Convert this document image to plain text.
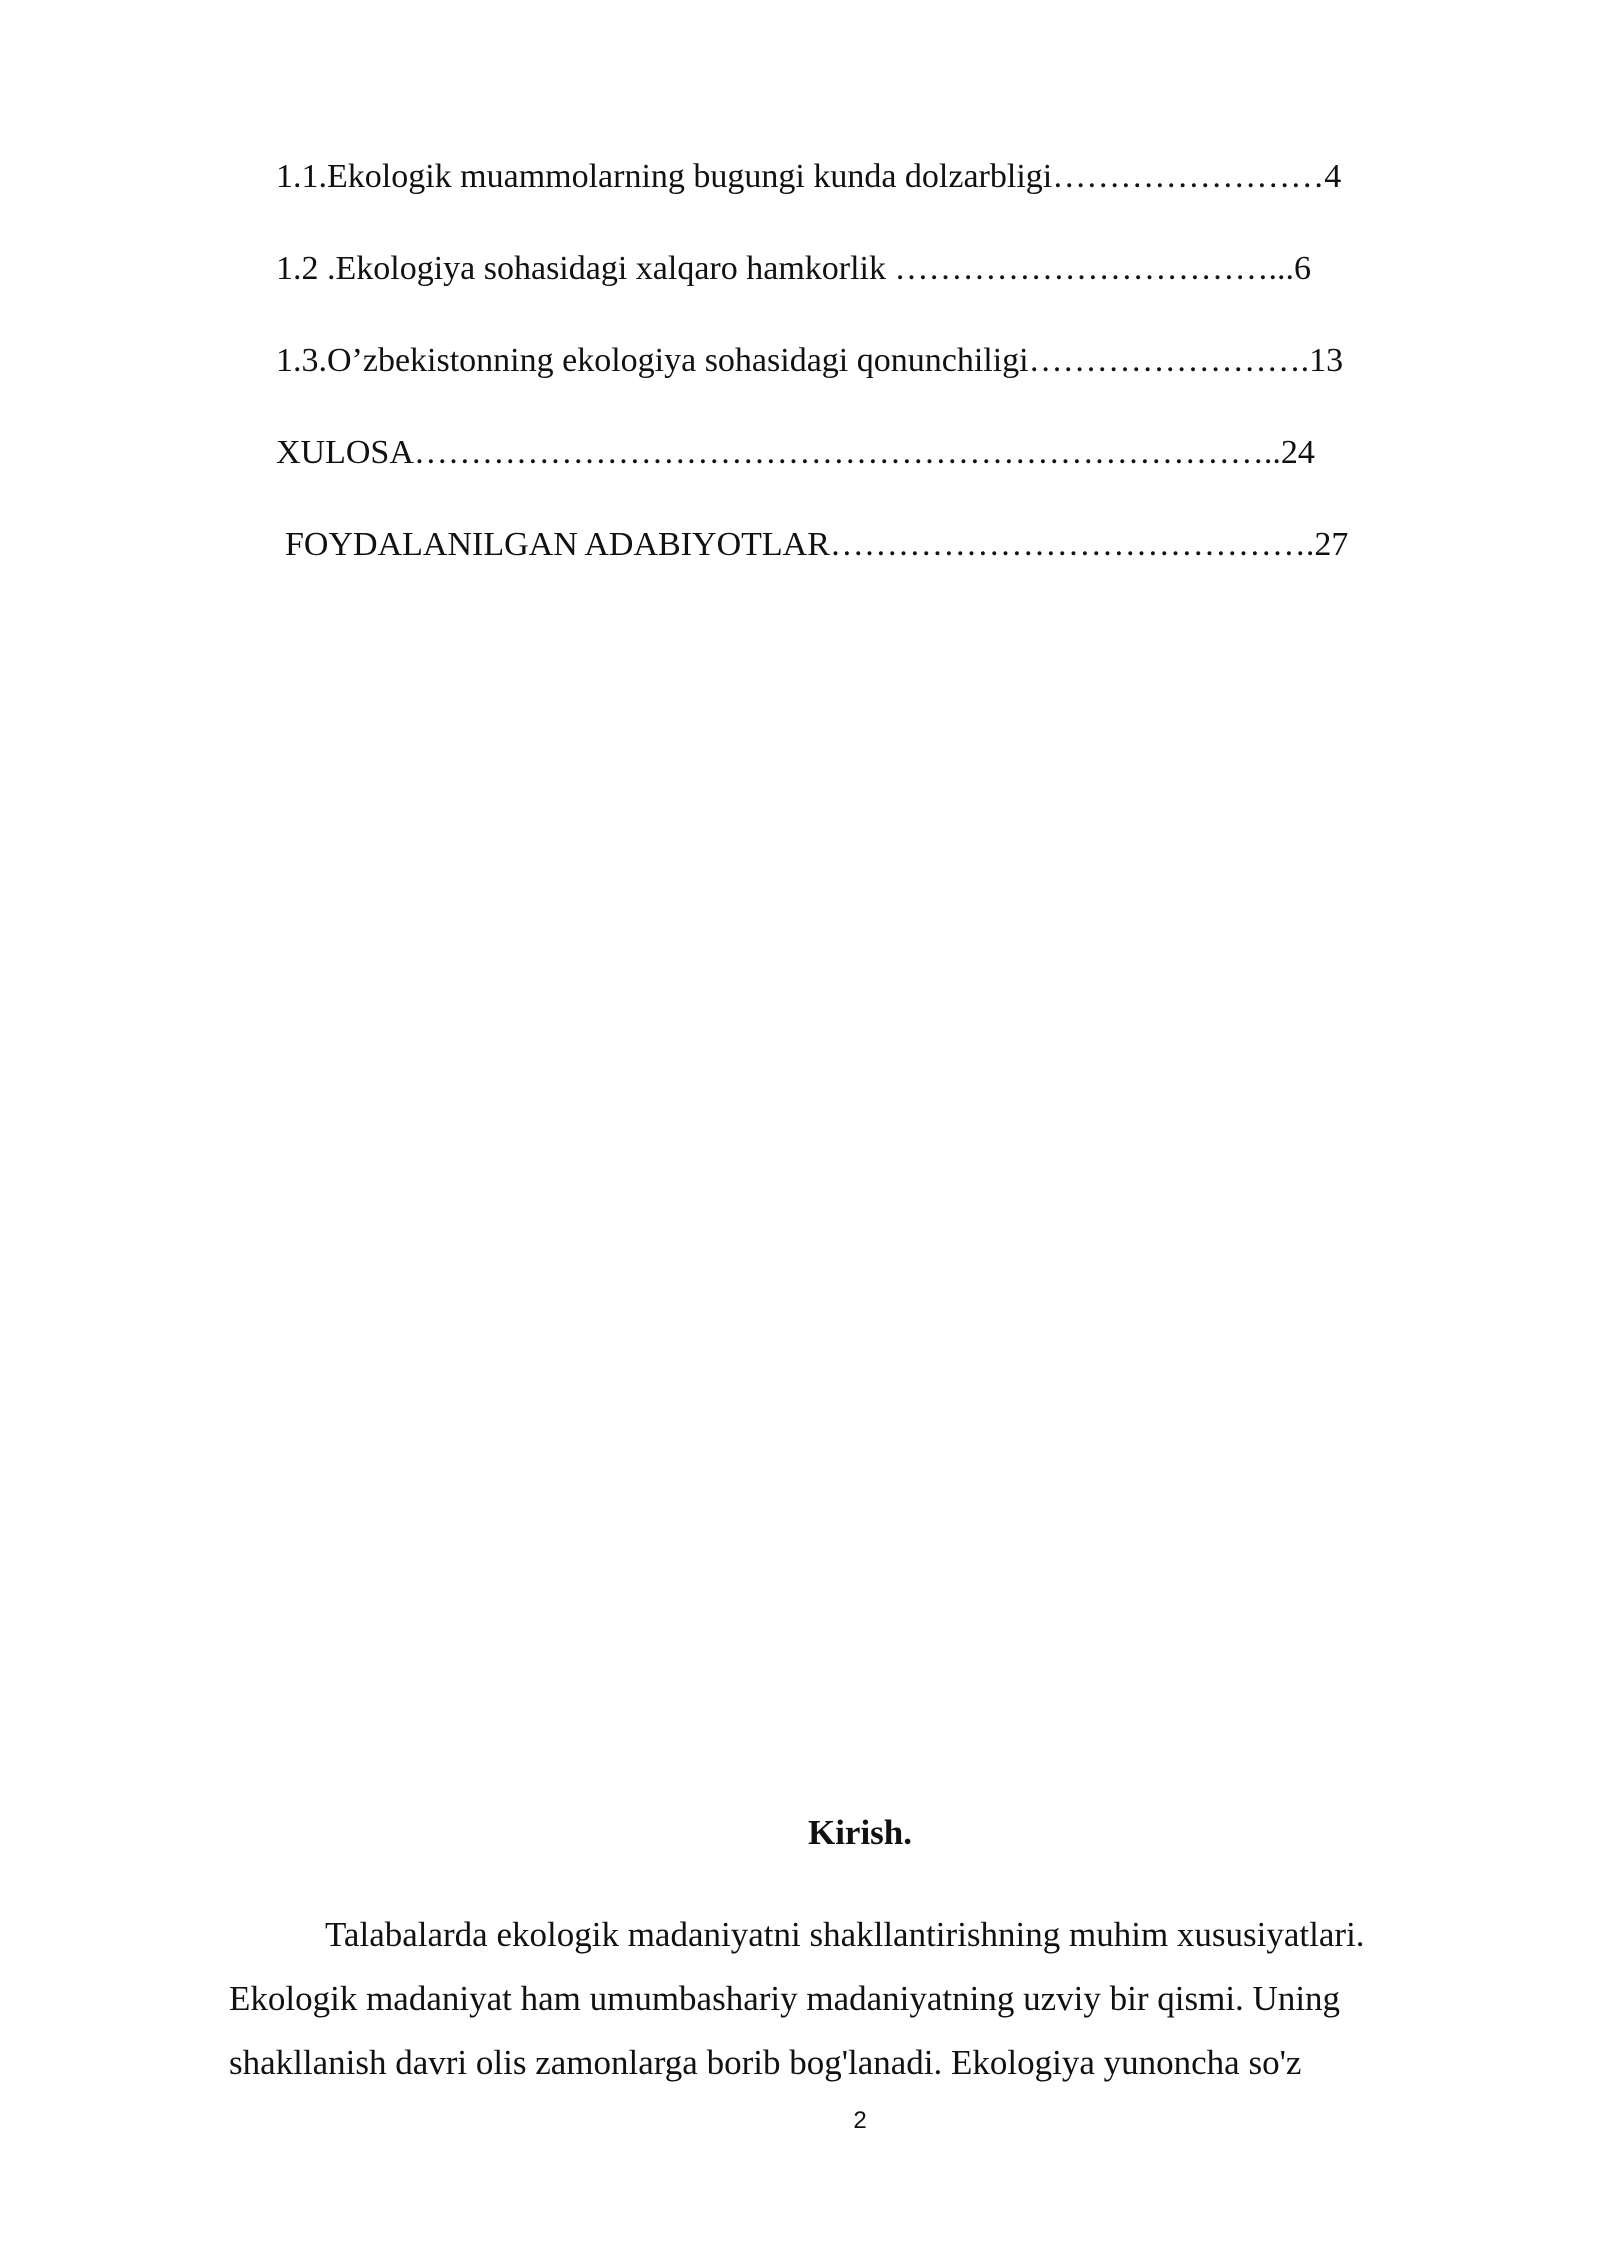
1.1.Ekologik muammolarning bugungi kunda dolzarbligi……………………4
1.2 .Ekologiya sohasidagi xalqaro hamkorlik ……………………………...6
1.3.O’zbekistonning ekologiya sohasidagi qonunchiligi…………………….13
XULOSA…………………………………………………………………..24
FOYDALANILGAN ADABIYOTLAR…………………………………….27
Kirish.

Talabalarda ekologik madaniyatni shakllantirishning muhim xususiyatlari.

Ekologik madaniyat ham umumbashariy madaniyatning uzviy bir qismi. Uning

shakllanish davri olis zamonlarga borib bog'lanadi. Ekologiya yunoncha so'z

2
